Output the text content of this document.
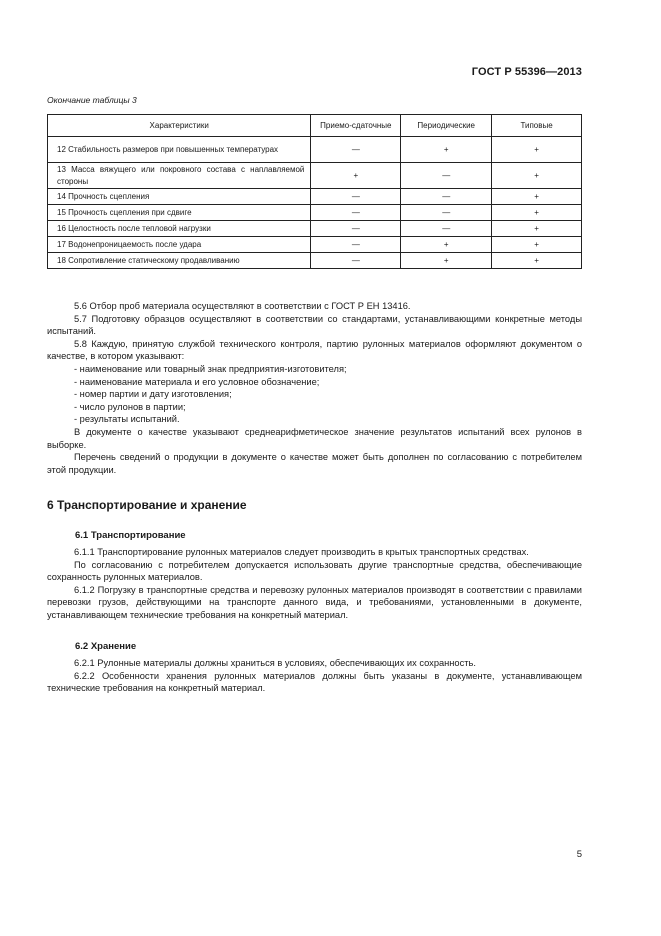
ГОСТ Р 55396—2013
Окончание таблицы 3
Характеристики	Приемо-сдаточные	Периодические	Типовые
12 Стабильность размеров при повышенных температурах	—	+	+
13 Масса вяжущего или покровного состава с наплавляемой стороны	+	—	+
14 Прочность сцепления	—	—	+
15 Прочность сцепления при сдвиге	—	—	+
16 Целостность после тепловой нагрузки	—	—	+
17 Водонепроницаемость после удара	—	+	+
18 Сопротивление статическому продавливанию	—	+	+

5.6 Отбор проб материала осуществляют в соответствии с ГОСТ Р ЕН 13416.

5.7 Подготовку образцов осуществляют в соответствии со стандартами, устанавливающими конкретные методы испытаний.

5.8 Каждую, принятую службой технического контроля, партию рулонных материалов оформляют документом о качестве, в котором указывают:

- наименование или товарный знак предприятия-изготовителя;

- наименование материала и его условное обозначение;

- номер партии и дату изготовления;

- число рулонов в партии;

- результаты испытаний.

В документе о качестве указывают среднеарифметическое значение результатов испытаний всех рулонов в выборке.

Перечень сведений о продукции в документе о качестве может быть дополнен по согласованию с потребителем этой продукции.

6 Транспортирование и хранение
6.1 Транспортирование

6.1.1 Транспортирование рулонных материалов следует производить в крытых транспортных средствах.

По согласованию с потребителем допускается использовать другие транспортные средства, обеспечивающие сохранность рулонных материалов.

6.1.2 Погрузку в транспортные средства и перевозку рулонных материалов производят в соответствии с правилами перевозки грузов, действующими на транспорте данного вида, и требованиями, установленными в документе, устанавливающем технические требования на конкретный материал.

6.2 Хранение

6.2.1 Рулонные материалы должны храниться в условиях, обеспечивающих их сохранность.

6.2.2 Особенности хранения рулонных материалов должны быть указаны в документе, устанавливающем технические требования на конкретный материал.

5
